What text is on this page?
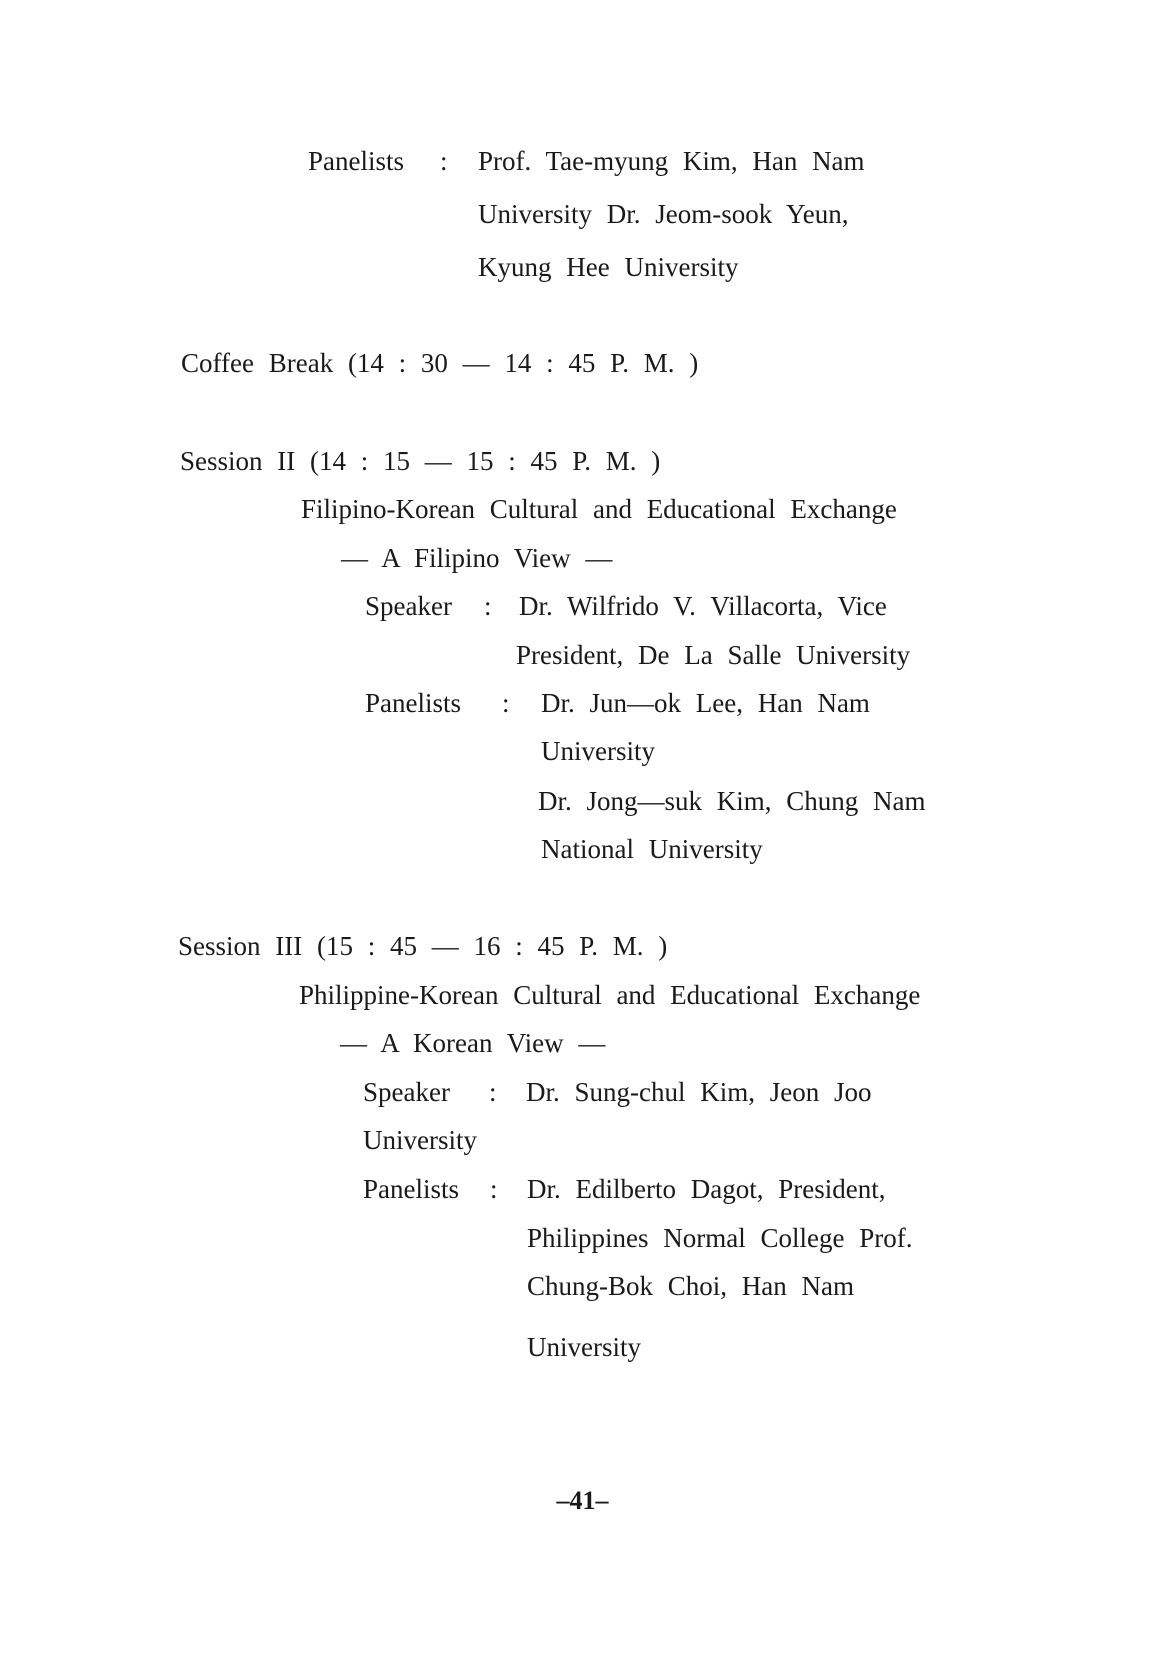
Panelists : Prof. Tae-myung Kim, Han Nam
University Dr. Jeom-sook Yeun,
Kyung Hee University
Coffee Break (14 : 30 — 14 : 45 P. M. )
Session II (14 : 15 — 15 : 45 P. M. )
Filipino-Korean Cultural and Educational Exchange
— A Filipino View —
Speaker : Dr. Wilfrido V. Villacorta, Vice
President, De La Salle University
Panelists : Dr. Jun—ok Lee, Han Nam
University
Dr. Jong—suk Kim, Chung Nam
National University
Session III (15 : 45 — 16 : 45 P. M. )
Philippine-Korean Cultural and Educational Exchange
— A Korean View —
Speaker : Dr. Sung-chul Kim, Jeon Joo
University
Panelists : Dr. Edilberto Dagot, President,
Philippines Normal College Prof.
Chung-Bok Choi, Han Nam
University
–41–
